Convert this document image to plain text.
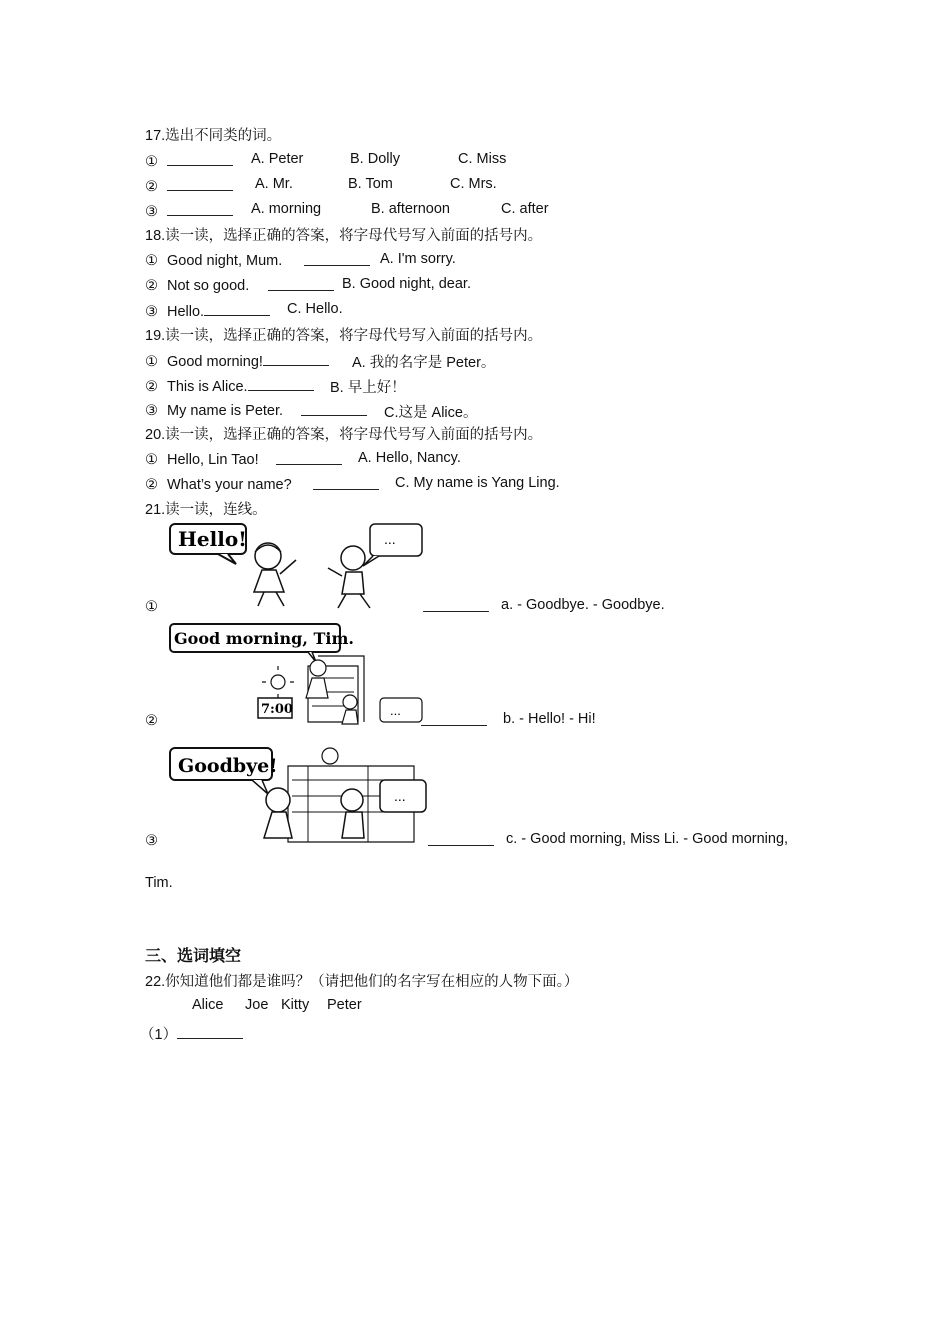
17.选出不同类的词。
①	A. Peter	B. Dolly	C. Miss
②	A. Mr.	B. Tom	C. Mrs.
③	A. morning	B. afternoon	C. after
18.读一读，选择正确的答案，将字母代号写入前面的括号内。
① Good night, Mum.	A. I'm sorry.
② Not so good.	B. Good night, dear.
③ Hello.	C. Hello.
19.读一读，选择正确的答案，将字母代号写入前面的括号内。
① Good morning!	A. 我的名字是 Peter。
② This is Alice.	B. 早上好！
③ My name is Peter.	C.这是 Alice。
20.读一读，选择正确的答案，将字母代号写入前面的括号内。
① Hello, Lin Tao!	A. Hello, Nancy.
② What’s your name?	C. My name is Yang Ling.
21.读一读，连线。
Hello!	...
①	a. - Goodbye. - Goodbye.
Good morning, Tim.
7:00	...
②	b. - Hello! - Hi!
Goodbye!
...
③	c. - Good morning, Miss Li. - Good morning,
Tim.
三、选词填空
22.你知道他们都是谁吗？（请把他们的名字写在相应的人物下面。）
Alice Joe Kitty Peter
（1）
